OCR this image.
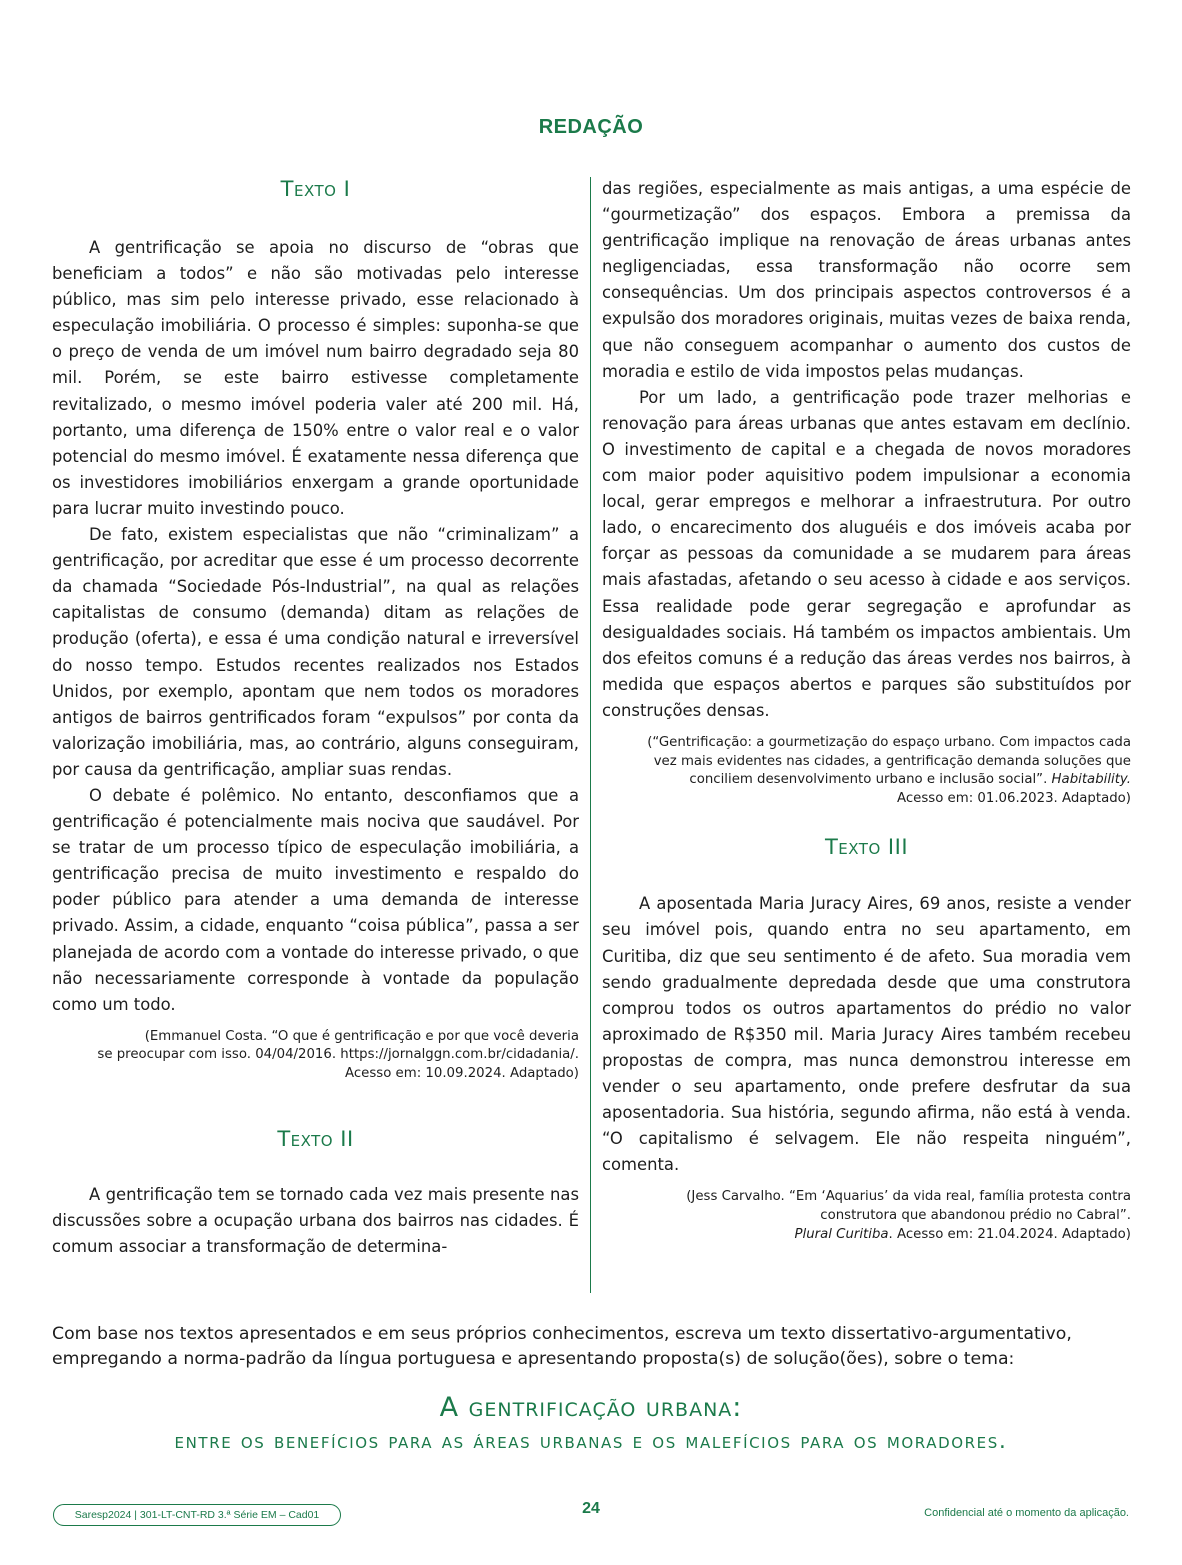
REDAÇÃO
Texto I

A gentrificação se apoia no discurso de “obras que beneficiam a todos” e não são motivadas pelo interesse público, mas sim pelo interesse privado, esse relacionado à especulação imobiliária. O processo é simples: suponha-se que o preço de venda de um imóvel num bairro degradado seja 80 mil. Porém, se este bairro estivesse completamente revitalizado, o mesmo imóvel poderia valer até 200 mil. Há, portanto, uma diferença de 150% entre o valor real e o valor potencial do mesmo imóvel. É exatamente nessa diferença que os investidores imobiliários enxergam a grande oportunidade para lucrar muito investindo pouco.

De fato, existem especialistas que não “criminalizam” a gentrificação, por acreditar que esse é um processo decorrente da chamada “Sociedade Pós-Industrial”, na qual as relações capitalistas de consumo (demanda) ditam as relações de produção (oferta), e essa é uma condição natural e irreversível do nosso tempo. Estudos recentes realizados nos Estados Unidos, por exemplo, apontam que nem todos os moradores antigos de bairros gentrificados foram “expulsos” por conta da valorização imobiliária, mas, ao contrário, alguns conseguiram, por causa da gentrificação, ampliar suas rendas.

O debate é polêmico. No entanto, desconfiamos que a gentrificação é potencialmente mais nociva que saudável. Por se tratar de um processo típico de especulação imobiliária, a gentrificação precisa de muito investimento e respaldo do poder público para atender a uma demanda de interesse privado. Assim, a cidade, enquanto “coisa pública”, passa a ser planejada de acordo com a vontade do interesse privado, o que não necessariamente corresponde à vontade da população como um todo.

(Emmanuel Costa. “O que é gentrificação e por que você deveria
se preocupar com isso. 04/04/2016. https://jornalggn.com.br/cidadania/.
Acesso em: 10.09.2024. Adaptado)
Texto II

A gentrificação tem se tornado cada vez mais presente nas discussões sobre a ocupação urbana dos bairros nas cidades. É comum associar a transformação de determina-

das regiões, especialmente as mais antigas, a uma espécie de “gourmetização” dos espaços. Embora a premissa da gentrificação implique na renovação de áreas urbanas antes negligenciadas, essa transformação não ocorre sem consequências. Um dos principais aspectos controversos é a expulsão dos moradores originais, muitas vezes de baixa renda, que não conseguem acompanhar o aumento dos custos de moradia e estilo de vida impostos pelas mudanças.

Por um lado, a gentrificação pode trazer melhorias e renovação para áreas urbanas que antes estavam em declínio. O investimento de capital e a chegada de novos moradores com maior poder aquisitivo podem impulsionar a economia local, gerar empregos e melhorar a infraestrutura. Por outro lado, o encarecimento dos aluguéis e dos imóveis acaba por forçar as pessoas da comunidade a se mudarem para áreas mais afastadas, afetando o seu acesso à cidade e aos serviços. Essa realidade pode gerar segregação e aprofundar as desigualdades sociais. Há também os impactos ambientais. Um dos efeitos comuns é a redução das áreas verdes nos bairros, à medida que espaços abertos e parques são substituídos por construções densas.

(“Gentrificação: a gourmetização do espaço urbano. Com impactos cada
vez mais evidentes nas cidades, a gentrificação demanda soluções que
conciliem desenvolvimento urbano e inclusão social”. Habitability.
Acesso em: 01.06.2023. Adaptado)
Texto III

A aposentada Maria Juracy Aires, 69 anos, resiste a vender seu imóvel pois, quando entra no seu apartamento, em Curitiba, diz que seu sentimento é de afeto. Sua moradia vem sendo gradualmente depredada desde que uma construtora comprou todos os outros apartamentos do prédio no valor aproximado de R$350 mil. Maria Juracy Aires também recebeu propostas de compra, mas nunca demonstrou interesse em vender o seu apartamento, onde prefere desfrutar da sua aposentadoria. Sua história, segundo afirma, não está à venda. “O capitalismo é selvagem. Ele não respeita ninguém”, comenta.

(Jess Carvalho. “Em ‘Aquarius’ da vida real, família protesta contra
construtora que abandonou prédio no Cabral”.
Plural Curitiba. Acesso em: 21.04.2024. Adaptado)
Com base nos textos apresentados e em seus próprios conhecimentos, escreva um texto dissertativo-argumentativo,
empregando a norma-padrão da língua portuguesa e apresentando proposta(s) de solução(ões), sobre o tema:
A gentrificação urbana:
entre os benefícios para as áreas urbanas e os malefícios para os moradores.
Saresp2024 | 301-LT-CNT-RD 3.ª Série EM – Cad01	24	Confidencial até o momento da aplicação.
